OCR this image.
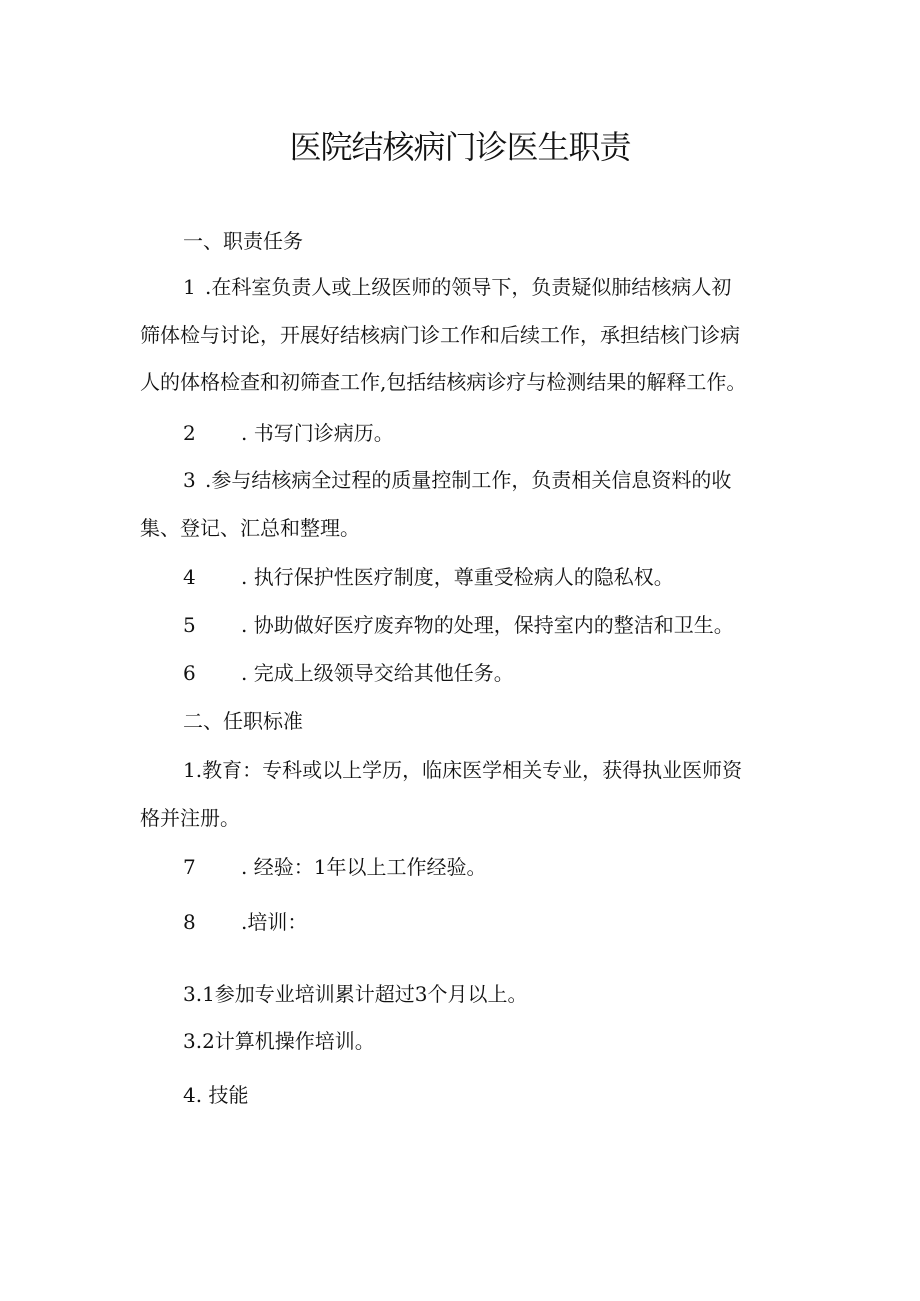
医院结核病门诊医生职责
一、职责任务
1 .在科室负责人或上级医师的领导下，负责疑似肺结核病人初
筛体检与讨论，开展好结核病门诊工作和后续工作，承担结核门诊病
人的体格检查和初筛查工作,包括结核病诊疗与检测结果的解释工作。
2 . 书写门诊病历。
3 .参与结核病全过程的质量控制工作，负责相关信息资料的收
集、登记、汇总和整理。
4 . 执行保护性医疗制度，尊重受检病人的隐私权。
5 . 协助做好医疗废弃物的处理，保持室内的整洁和卫生。
6 . 完成上级领导交给其他任务。
二、任职标准
1.教育：专科或以上学历，临床医学相关专业，获得执业医师资
格并注册。
7 . 经验：1年以上工作经验。
8 .培训：
3.1参加专业培训累计超过3个月以上。
3.2计算机操作培训。
4. 技能
